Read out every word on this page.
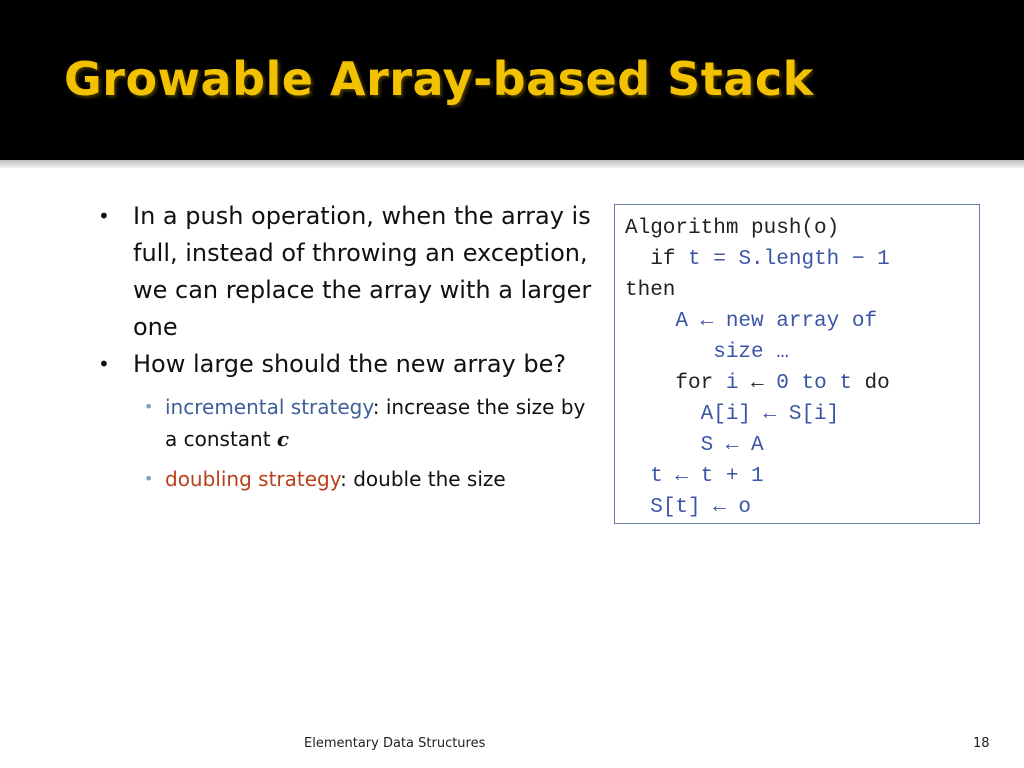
Growable Array-based Stack
• In a push operation, when the array is full, instead of throwing an exception, we can replace the array with a larger one
• How large should the new array be?
• incremental strategy: increase the size by a constant c
• doubling strategy: double the size
Algorithm push(o)
if t = S.length − 1
then
A ← new array of
size …
for i ← 0 to t do
A[i] ← S[i]
S ← A
t ← t + 1
S[t] ← o
Elementary Data Structures	18
